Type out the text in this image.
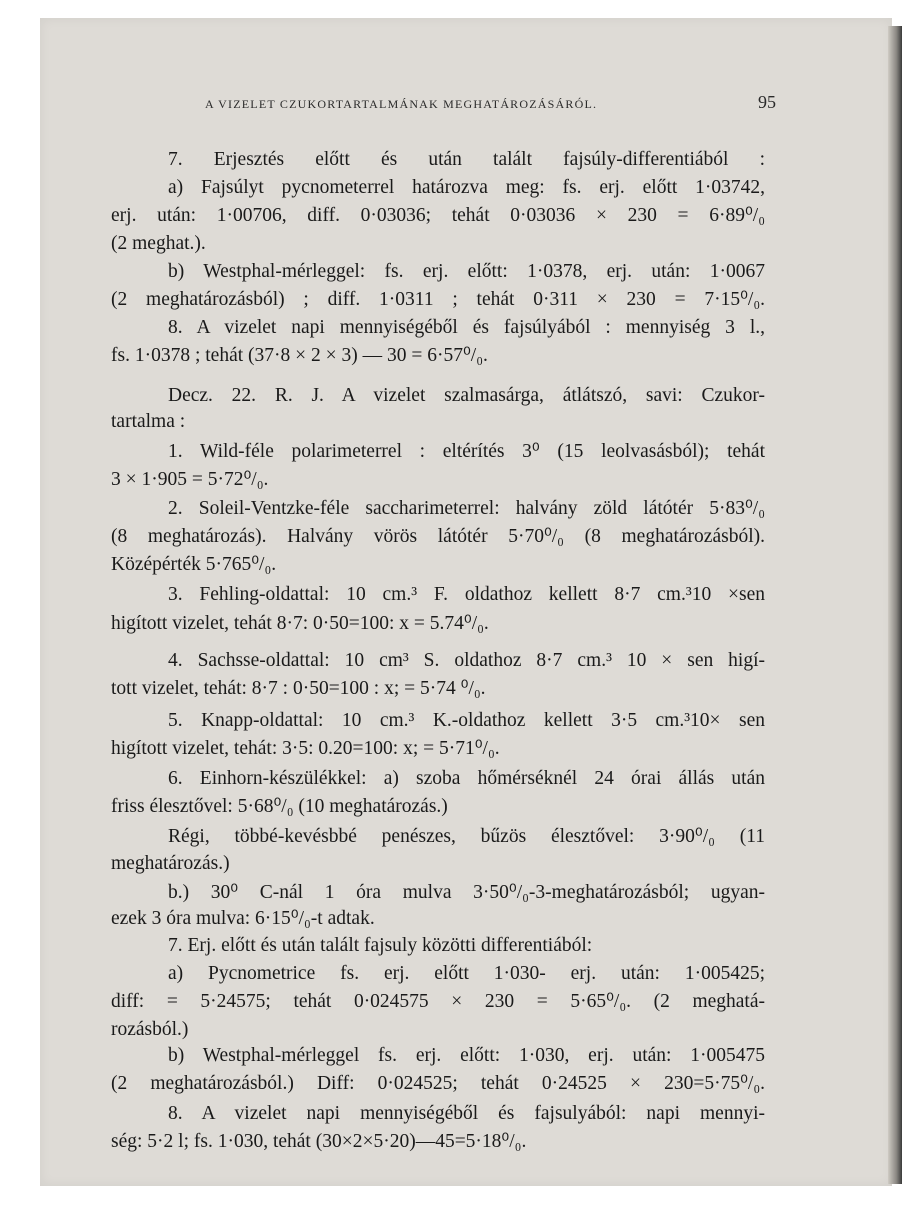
A VIZELET CZUKORTARTALMÁNAK MEGHATÁROZÁSÁRÓL.	95
7. Erjesztés előtt és után talált fajsúly-differentiából :
a) Fajsúlyt pycnometerrel határozva meg: fs. erj. előtt 1·03742,
erj. után: 1·00706, diff. 0·03036; tehát 0·03036 × 230 = 6·89⁰/₀
(2 meghat.).
b) Westphal-mérleggel: fs. erj. előtt: 1·0378, erj. után: 1·0067
(2 meghatározásból) ; diff. 1·0311 ; tehát 0·311 × 230 = 7·15⁰/₀.
8. A vizelet napi mennyiségéből és fajsúlyából : mennyiség 3 l.,
fs. 1·0378 ; tehát (37·8 × 2 × 3) — 30 = 6·57⁰/₀.
Decz. 22. R. J. A vizelet szalmasárga, átlátszó, savi: Czukor-
tartalma :
1. Wild-féle polarimeterrel : eltérítés 3⁰ (15 leolvasásból); tehát
3 × 1·905 = 5·72⁰/₀.
2. Soleil-Ventzke-féle saccharimeterrel: halvány zöld látótér 5·83⁰/₀
(8 meghatározás). Halvány vörös látótér 5·70⁰/₀ (8 meghatározásból).
Középérték 5·765⁰/₀.
3. Fehling-oldattal: 10 cm.³ F. oldathoz kellett 8·7 cm.³10 ×sen
higított vizelet, tehát 8·7: 0·50=100: x = 5.74⁰/₀.
4. Sachsse-oldattal: 10 cm³ S. oldathoz 8·7 cm.³ 10 × sen higí-
tott vizelet, tehát: 8·7 : 0·50=100 : x; = 5·74 ⁰/₀.
5. Knapp-oldattal: 10 cm.³ K.-oldathoz kellett 3·5 cm.³10× sen
higított vizelet, tehát: 3·5: 0.20=100: x; = 5·71⁰/₀.
6. Einhorn-készülékkel: a) szoba hőmérséknél 24 órai állás után
friss élesztővel: 5·68⁰/₀ (10 meghatározás.)
Régi, többé-kevésbbé penészes, bűzös élesztővel: 3·90⁰/₀ (11
meghatározás.)
b.) 30⁰ C-nál 1 óra mulva 3·50⁰/₀-3-meghatározásból; ugyan-
ezek 3 óra mulva: 6·15⁰/₀-t adtak.
7. Erj. előtt és után talált fajsuly közötti differentiából:
a) Pycnometrice fs. erj. előtt 1·030- erj. után: 1·005425;
diff: = 5·24575; tehát 0·024575 × 230 = 5·65⁰/₀. (2 meghatá-
rozásból.)
b) Westphal-mérleggel fs. erj. előtt: 1·030, erj. után: 1·005475
(2 meghatározásból.) Diff: 0·024525; tehát 0·24525 × 230=5·75⁰/₀.
8. A vizelet napi mennyiségéből és fajsulyából: napi mennyi-
ség: 5·2 l; fs. 1·030, tehát (30×2×5·20)—45=5·18⁰/₀.
